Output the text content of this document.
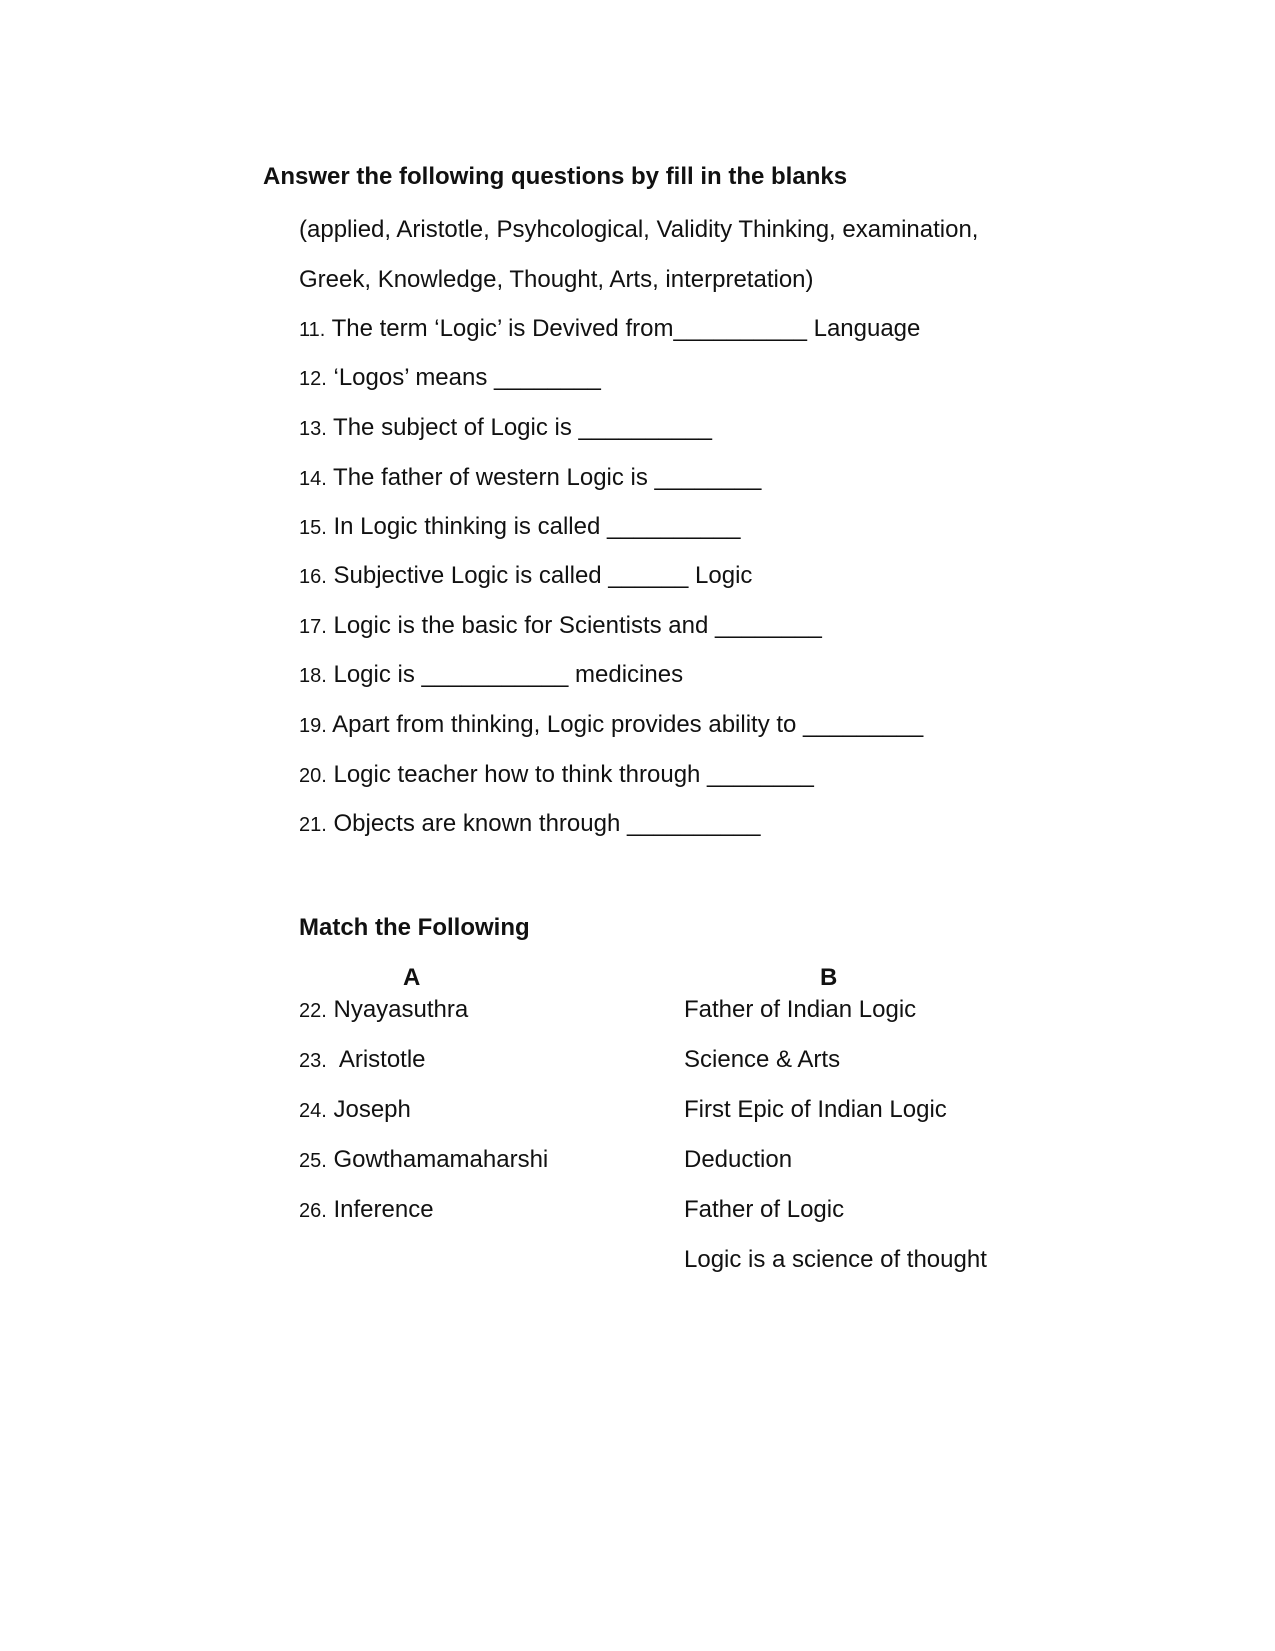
Answer the following questions by fill in the blanks
(applied, Aristotle, Psyhcological, Validity Thinking, examination,
Greek, Knowledge, Thought, Arts, interpretation)
11. The term ‘Logic’ is Devived from__________ Language
12. ‘Logos’ means ________
13. The subject of Logic is __________
14. The father of western Logic is ________
15. In Logic thinking is called __________
16. Subjective Logic is called ______ Logic
17. Logic is the basic for Scientists and ________
18. Logic is ___________ medicines
19. Apart from thinking, Logic provides ability to _________
20. Logic teacher how to think through ________
21. Objects are known through __________
Match the Following
A	B
22. Nyayasuthra
23.  Aristotle
24. Joseph
25. Gowthamamaharshi
26. Inference
Father of Indian Logic
Science & Arts
First Epic of Indian Logic
Deduction
Father of Logic
Logic is a science of thought
